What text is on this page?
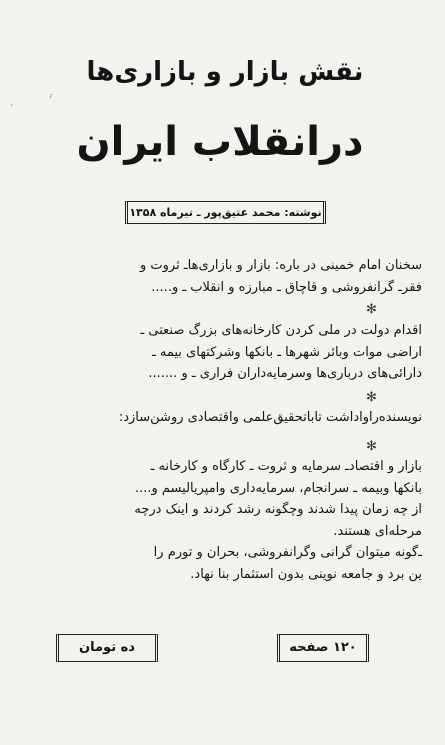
ˀ
·
نقش بازار و بازاری‌ها
درانقلاب ایران
نوشته: محمد عتیق‌پور ـ تیرماه ۱۳۵۸
سخنان امام خمینی در باره: بازار و بازاری‌هاـ ثروت و
فقرـ گرانفروشی و قاچاق ـ مبارزه و انقلاب ـ و.....
✻
اقدام دولت در ملی کردن کارخانه‌های بزرگ صنعتی ـ
اراضی موات وبائر شهرها ـ بانکها وشرکتهای بیمه ـ
دارائی‌های درباری‌ها وسرمایه‌داران فراری ـ و .......
✻
نویسنده‌راواداشت تاباتحقیق‌علمی واقتصادی روشن‌سازد:
✻
بازار و اقتصادـ سرمایه و ثروت ـ کارگاه و کارخانه ـ
بانکها وبیمه ـ سرانجام، سرمایه‌داری وامپریالیسم و....
از چه زمان پیدا شدند وچگونه رشد کردند و اینک درچه
مرحله‌ای هستند.
ـ‌گونه میتوان گرانی وگرانفروشی، بحران و تورم را
ین برد و جامعه نوینی بدون استثمار بنا نهاد.
۱۲۰ صفحه
ده تومان
